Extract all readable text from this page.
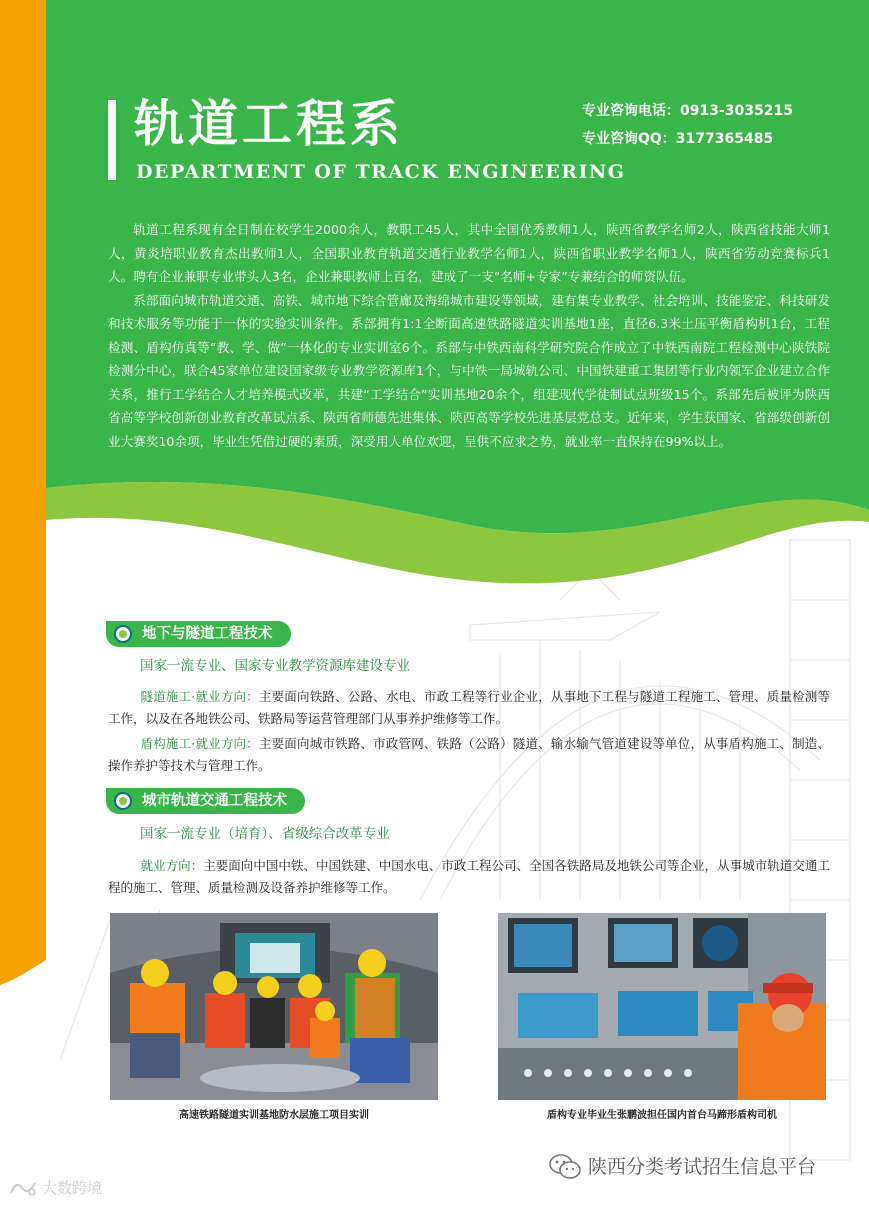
轨道工程系
DEPARTMENT OF TRACK ENGINEERING
专业咨询电话：0913-3035215
专业咨询QQ：3177365485

轨道工程系现有全日制在校学生2000余人，教职工45人，其中全国优秀教师1人，陕西省教学名师2人，陕西省技能大师1人，黄炎培职业教育杰出教师1人，全国职业教育轨道交通行业教学名师1人，陕西省职业教学名师1人，陕西省劳动竞赛标兵1人。聘有企业兼职专业带头人3名，企业兼职教师上百名，建成了一支“名师+专家”专兼结合的师资队伍。

系部面向城市轨道交通、高铁、城市地下综合管廊及海绵城市建设等领域，建有集专业教学、社会培训、技能鉴定、科技研发和技术服务等功能于一体的实验实训条件。系部拥有1:1全断面高速铁路隧道实训基地1座，直径6.3米土压平衡盾构机1台，工程检测、盾构仿真等“教、学、做”一体化的专业实训室6个。系部与中铁西南科学研究院合作成立了中铁西南院工程检测中心陕铁院检测分中心，联合45家单位建设国家级专业教学资源库1个，与中铁一局城轨公司、中国铁建重工集团等行业内领军企业建立合作关系，推行工学结合人才培养模式改革，共建“工学结合”实训基地20余个，组建现代学徒制试点班级15个。系部先后被评为陕西省高等学校创新创业教育改革试点系、陕西省师德先进集体、陕西高等学校先进基层党总支。近年来，学生获国家、省部级创新创业大赛奖10余项，毕业生凭借过硬的素质，深受用人单位欢迎，呈供不应求之势，就业率一直保持在99%以上。

地下与隧道工程技术
国家一流专业、国家专业教学资源库建设专业
隧道施工·就业方向：主要面向铁路、公路、水电、市政工程等行业企业，从事地下工程与隧道工程施工、管理、质量检测等工作，以及在各地铁公司、铁路局等运营管理部门从事养护维修等工作。
盾构施工·就业方向：主要面向城市铁路、市政管网、铁路（公路）隧道、输水输气管道建设等单位，从事盾构施工、制造、操作养护等技术与管理工作。
城市轨道交通工程技术
国家一流专业（培育）、省级综合改革专业
就业方向：主要面向中国中铁、中国铁建、中国水电、市政工程公司、全国各铁路局及地铁公司等企业，从事城市轨道交通工程的施工、管理、质量检测及设备养护维修等工作。
高速铁路隧道实训基地防水层施工项目实训	盾构专业毕业生张鹏波担任国内首台马蹄形盾构司机
陕西分类考试招生信息平台
大数跨境
